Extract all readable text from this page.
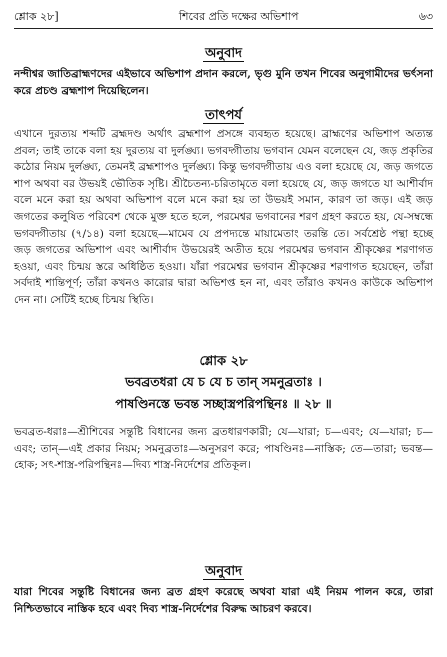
শ্লোক ২৮]	শিবের প্রতি দক্ষের অভিশাপ	৬৩
অনুবাদ
নন্দীশ্বর জাতিব্রাহ্মণদের এইভাবে অভিশাপ প্রদান করলে, ভৃগু মুনি তখন শিবের অনুগামীদের ভর্ৎসনা করে প্রচণ্ড ব্রহ্মশাপ দিয়েছিলেন।
তাৎপর্য
এখানে দুরত্যয় শব্দটি ব্রহ্মদণ্ড অর্থাৎ ব্রহ্মশাপ প্রসঙ্গে ব্যবহৃত হয়েছে। ব্রাহ্মণের অভিশাপ অত্যন্ত প্রবল; তাই তাকে বলা হয় দুরত্যয় বা দুর্লঙ্ঘ্য। ভগবদ্গীতায় ভগবান যেমন বলেছেন যে, জড় প্রকৃতির কঠোর নিয়ম দুর্লঙ্ঘ্য, তেমনই ব্রহ্মশাপও দুর্লঙ্ঘ্য। কিন্তু ভগবদ্গীতায় এও বলা হয়েছে যে, জড় জগতে শাপ অথবা বর উভয়ই ভৌতিক সৃষ্টি। শ্রীচৈতন্য-চরিতামৃতে বলা হয়েছে যে, জড় জগতে যা আশীর্বাদ বলে মনে করা হয় অথবা অভিশাপ বলে মনে করা হয় তা উভয়ই সমান, কারণ তা জড়। এই জড় জগতের কলুষিত পরিবেশ থেকে মুক্ত হতে হলে, পরমেশ্বর ভগবানের শরণ গ্রহণ করতে হয়, যে-সম্বন্ধে ভগবদ্গীতায় (৭/১৪) বলা হয়েছে—মামেব যে প্রপদ্যন্তে মায়ামেতাং তরন্তি তে। সর্বশ্রেষ্ঠ পন্থা হচ্ছে জড় জগতের অভিশাপ এবং আশীর্বাদ উভয়েরই অতীত হয়ে পরমেশ্বর ভগবান শ্রীকৃষ্ণের শরণাগত হওয়া, এবং চিন্ময় স্তরে অধিষ্ঠিত হওয়া। যাঁরা পরমেশ্বর ভগবান শ্রীকৃষ্ণের শরণাগত হয়েছেন, তাঁরা সর্বদাই শান্তিপূর্ণ; তাঁরা কখনও কারোর দ্বারা অভিশপ্ত হন না, এবং তাঁরাও কখনও কাউকে অভিশাপ দেন না। সেটিই হচ্ছে চিন্ময় স্থিতি।
শ্লোক ২৮
ভবব্রতধরা যে চ যে চ তান্ সমনুব্রতাঃ ।
পাষণ্ডিনস্তে ভবন্ত সচ্ছাস্ত্রপরিপন্থিনঃ ॥ ২৮ ॥
ভবব্রত-ধরাঃ—শ্রীশিবের সন্তুষ্টি বিধানের জন্য ব্রতধারণকারী; যে—যারা; চ—এবং; যে—যারা; চ—এবং; তান্—এই প্রকার নিয়ম; সমনুব্রতাঃ—অনুসরণ করে; পাষণ্ডিনঃ—নাস্তিক; তে—তারা; ভবন্ত—হোক; সৎ-শাস্ত্র-পরিপন্থিনঃ—দিব্য শাস্ত্র-নির্দেশের প্রতিকূল।
অনুবাদ
যারা শিবের সন্তুষ্টি বিধানের জন্য ব্রত গ্রহণ করেছে অথবা যারা এই নিয়ম পালন করে, তারা নিশ্চিতভাবে নাস্তিক হবে এবং দিব্য শাস্ত্র-নির্দেশের বিরুদ্ধ আচরণ করবে।
